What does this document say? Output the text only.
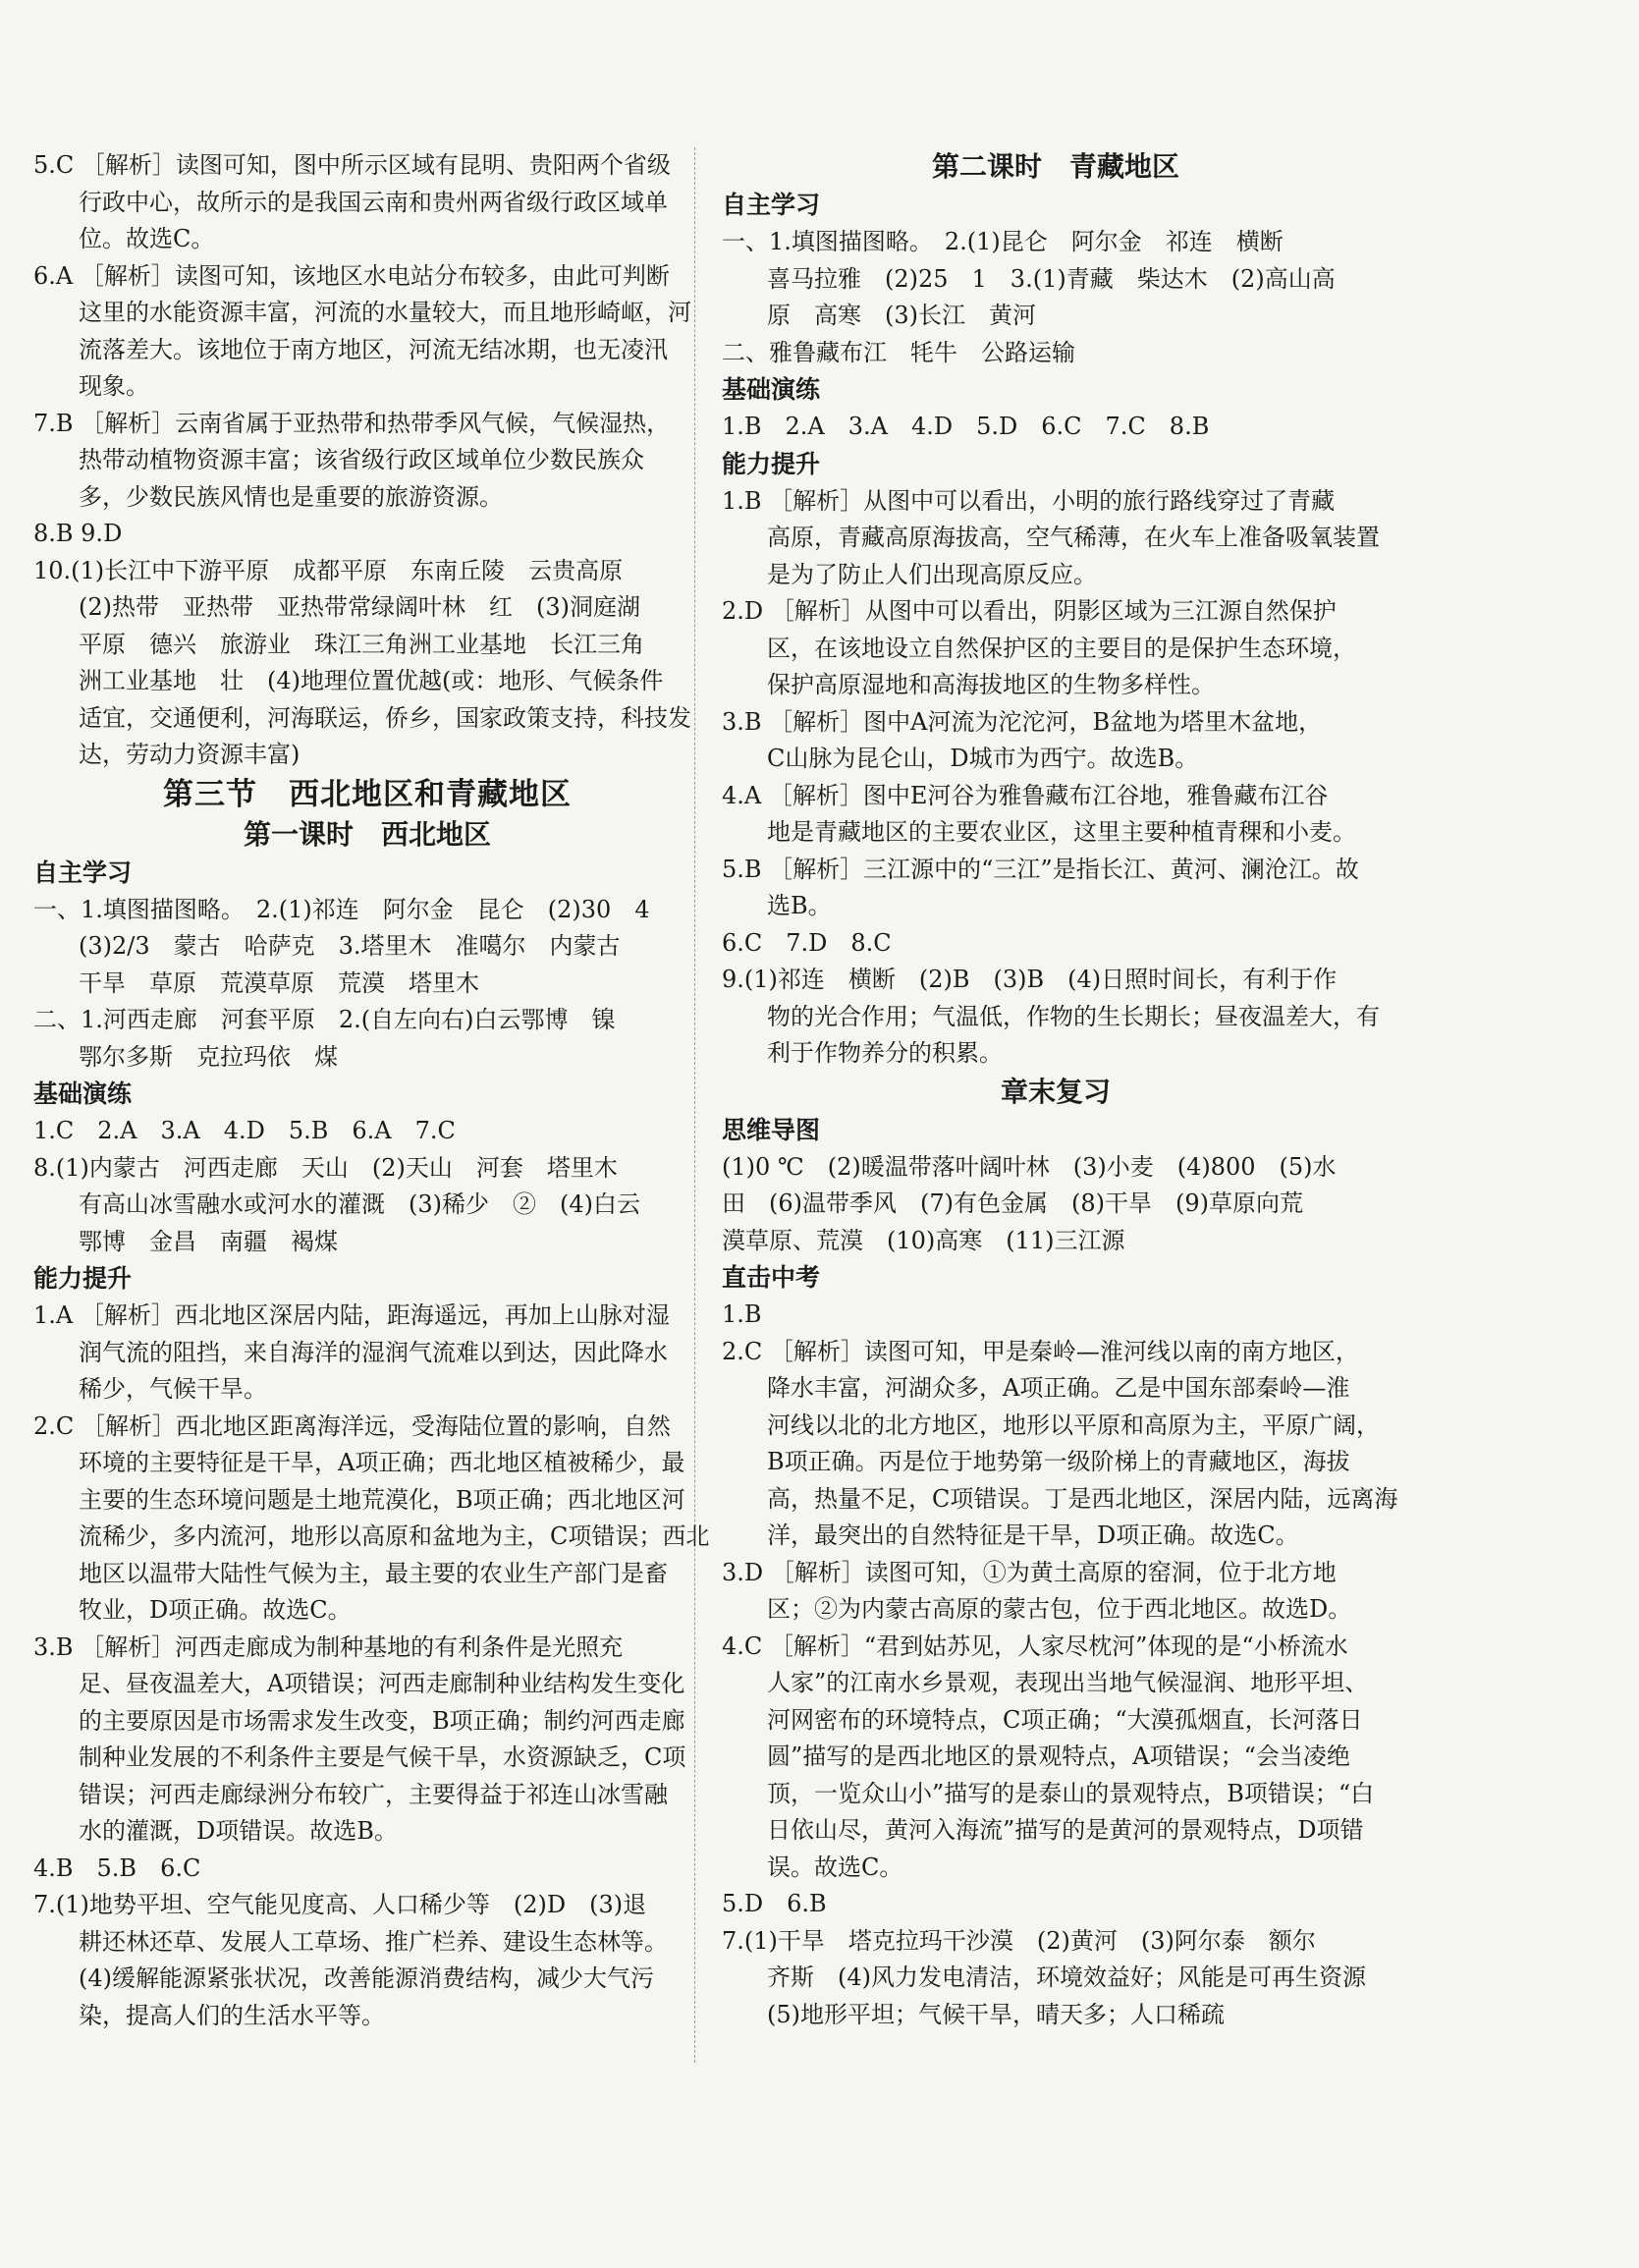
5.C ［解析］读图可知，图中所示区域有昆明、贵阳两个省级
行政中心，故所示的是我国云南和贵州两省级行政区域单
位。故选C。
6.A ［解析］读图可知，该地区水电站分布较多，由此可判断
这里的水能资源丰富，河流的水量较大，而且地形崎岖，河
流落差大。该地位于南方地区，河流无结冰期，也无凌汛
现象。
7.B ［解析］云南省属于亚热带和热带季风气候，气候湿热，
热带动植物资源丰富；该省级行政区域单位少数民族众
多，少数民族风情也是重要的旅游资源。
8.B 9.D
10.(1)长江中下游平原　成都平原　东南丘陵　云贵高原
(2)热带　亚热带　亚热带常绿阔叶林　红　(3)洞庭湖
平原　德兴　旅游业　珠江三角洲工业基地　长江三角
洲工业基地　壮　(4)地理位置优越(或：地形、气候条件
适宜，交通便利，河海联运，侨乡，国家政策支持，科技发
达，劳动力资源丰富)
第三节　西北地区和青藏地区
第一课时　西北地区
自主学习
一、1.填图描图略。　2.(1)祁连　阿尔金　昆仑　(2)30　4
(3)2/3　蒙古　哈萨克　3.塔里木　准噶尔　内蒙古
干旱　草原　荒漠草原　荒漠　塔里木
二、1.河西走廊　河套平原　2.(自左向右)白云鄂博　镍
鄂尔多斯　克拉玛依　煤
基础演练
1.C　2.A　3.A　4.D　5.B　6.A　7.C
8.(1)内蒙古　河西走廊　天山　(2)天山　河套　塔里木
有高山冰雪融水或河水的灌溉　(3)稀少　②　(4)白云
鄂博　金昌　南疆　褐煤
能力提升
1.A ［解析］西北地区深居内陆，距海遥远，再加上山脉对湿
润气流的阻挡，来自海洋的湿润气流难以到达，因此降水
稀少，气候干旱。
2.C ［解析］西北地区距离海洋远，受海陆位置的影响，自然
环境的主要特征是干旱，A项正确；西北地区植被稀少，最
主要的生态环境问题是土地荒漠化，B项正确；西北地区河
流稀少，多内流河，地形以高原和盆地为主，C项错误；西北
地区以温带大陆性气候为主，最主要的农业生产部门是畜
牧业，D项正确。故选C。
3.B ［解析］河西走廊成为制种基地的有利条件是光照充
足、昼夜温差大，A项错误；河西走廊制种业结构发生变化
的主要原因是市场需求发生改变，B项正确；制约河西走廊
制种业发展的不利条件主要是气候干旱，水资源缺乏，C项
错误；河西走廊绿洲分布较广，主要得益于祁连山冰雪融
水的灌溉，D项错误。故选B。
4.B　5.B　6.C
7.(1)地势平坦、空气能见度高、人口稀少等　(2)D　(3)退
耕还林还草、发展人工草场、推广栏养、建设生态林等。
(4)缓解能源紧张状况，改善能源消费结构，减少大气污
染，提高人们的生活水平等。
第二课时　青藏地区
自主学习
一、1.填图描图略。　2.(1)昆仑　阿尔金　祁连　横断
喜马拉雅　(2)25　1　3.(1)青藏　柴达木　(2)高山高
原　高寒　(3)长江　黄河
二、雅鲁藏布江　牦牛　公路运输
基础演练
1.B　2.A　3.A　4.D　5.D　6.C　7.C　8.B
能力提升
1.B ［解析］从图中可以看出，小明的旅行路线穿过了青藏
高原，青藏高原海拔高，空气稀薄，在火车上准备吸氧装置
是为了防止人们出现高原反应。
2.D ［解析］从图中可以看出，阴影区域为三江源自然保护
区，在该地设立自然保护区的主要目的是保护生态环境，
保护高原湿地和高海拔地区的生物多样性。
3.B ［解析］图中A河流为沱沱河，B盆地为塔里木盆地，
C山脉为昆仑山，D城市为西宁。故选B。
4.A ［解析］图中E河谷为雅鲁藏布江谷地，雅鲁藏布江谷
地是青藏地区的主要农业区，这里主要种植青稞和小麦。
5.B ［解析］三江源中的“三江”是指长江、黄河、澜沧江。故
选B。
6.C　7.D　8.C
9.(1)祁连　横断　(2)B　(3)B　(4)日照时间长，有利于作
物的光合作用；气温低，作物的生长期长；昼夜温差大，有
利于作物养分的积累。
章末复习
思维导图
(1)0 ℃　(2)暖温带落叶阔叶林　(3)小麦　(4)800　(5)水
田　(6)温带季风　(7)有色金属　(8)干旱　(9)草原向荒
漠草原、荒漠　(10)高寒　(11)三江源
直击中考
1.B
2.C ［解析］读图可知，甲是秦岭—淮河线以南的南方地区，
降水丰富，河湖众多，A项正确。乙是中国东部秦岭—淮
河线以北的北方地区，地形以平原和高原为主，平原广阔，
B项正确。丙是位于地势第一级阶梯上的青藏地区，海拔
高，热量不足，C项错误。丁是西北地区，深居内陆，远离海
洋，最突出的自然特征是干旱，D项正确。故选C。
3.D ［解析］读图可知，①为黄土高原的窑洞，位于北方地
区；②为内蒙古高原的蒙古包，位于西北地区。故选D。
4.C ［解析］“君到姑苏见，人家尽枕河”体现的是“小桥流水
人家”的江南水乡景观，表现出当地气候湿润、地形平坦、
河网密布的环境特点，C项正确；“大漠孤烟直，长河落日
圆”描写的是西北地区的景观特点，A项错误；“会当凌绝
顶，一览众山小”描写的是泰山的景观特点，B项错误；“白
日依山尽，黄河入海流”描写的是黄河的景观特点，D项错
误。故选C。
5.D　6.B
7.(1)干旱　塔克拉玛干沙漠　(2)黄河　(3)阿尔泰　额尔
齐斯　(4)风力发电清洁，环境效益好；风能是可再生资源
(5)地形平坦；气候干旱，晴天多；人口稀疏
